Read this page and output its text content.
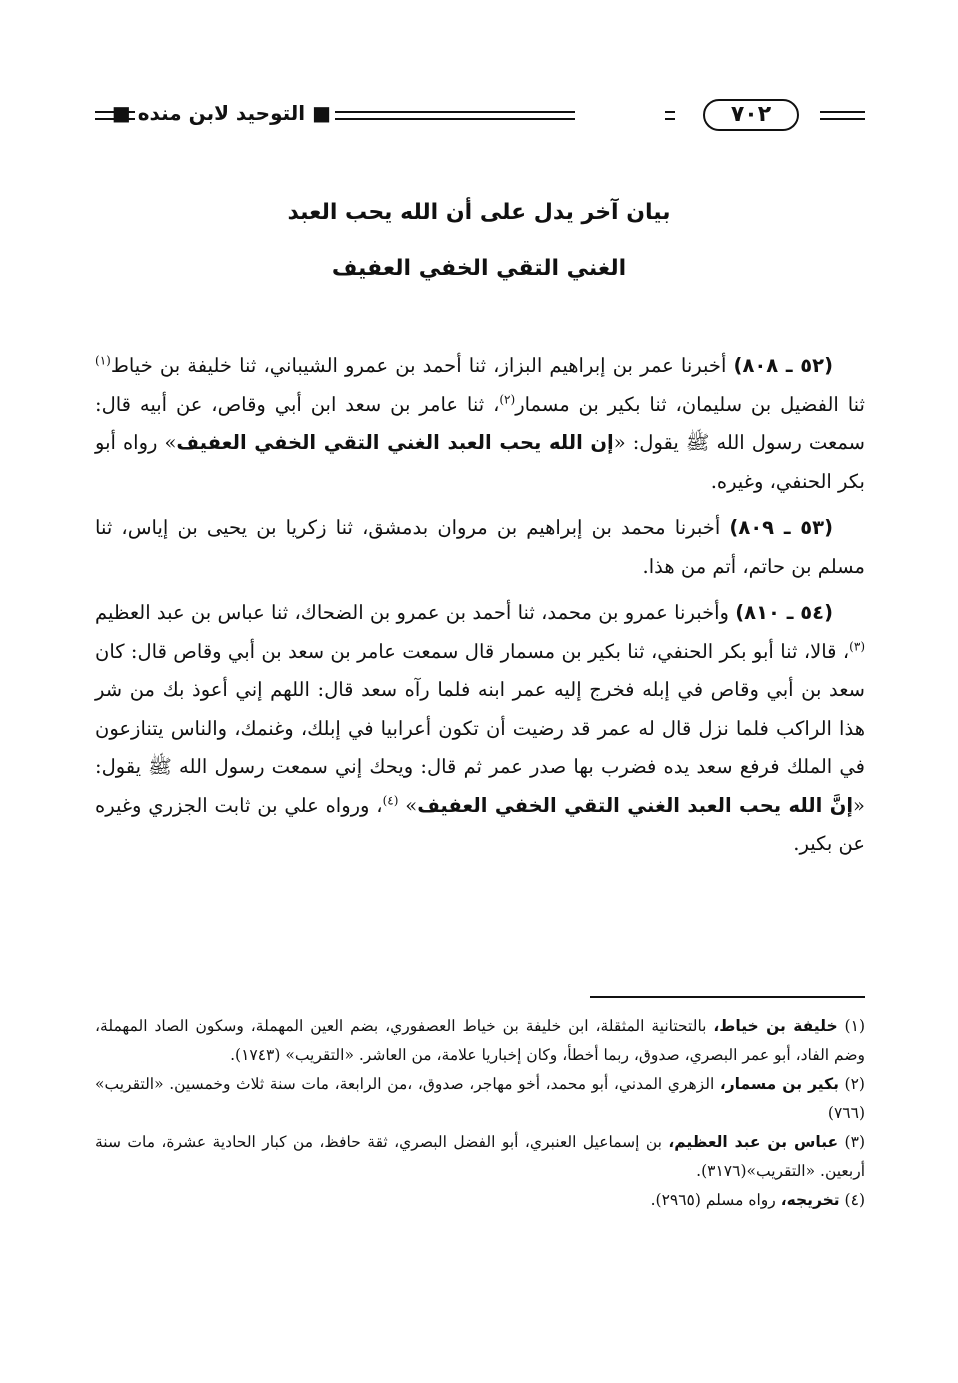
■ التوحيد لابن منده ■	٧٠٢
بيان آخر يدل على أن الله يحب العبد
الغني التقي الخفي العفيف

(٥٢ ـ ٨٠٨) أخبرنا عمر بن إبراهيم البزاز، ثنا أحمد بن عمرو الشيباني، ثنا خليفة بن خياط$^{(١)}$ ثنا الفضيل بن سليمان، ثنا بكير بن مسمار$^{(٢)}$، ثنا عامر بن سعد ابن أبي وقاص، عن أبيه قال: سمعت رسول الله ﷺ يقول: «إن الله يحب العبد الغني التقي الخفي العفيف» رواه أبو بكر الحنفي، وغيره.

(٥٣ ـ ٨٠٩) أخبرنا محمد بن إبراهيم بن مروان بدمشق، ثنا زكريا بن يحيى بن إياس، ثنا مسلم بن حاتم، أتم من هذا.

(٥٤ ـ ٨١٠) وأخبرنا عمرو بن محمد، ثنا أحمد بن عمرو بن الضحاك، ثنا عباس بن عبد العظيم $^{(٣)}$، قالا، ثنا أبو بكر الحنفي، ثنا بكير بن مسمار قال سمعت عامر بن سعد بن أبي وقاص قال: كان سعد بن أبي وقاص في إبله فخرج إليه عمر ابنه فلما رآه سعد قال: اللهم إني أعوذ بك من شر هذا الراكب فلما نزل قال له عمر قد رضيت أن تكون أعرابيا في إبلك، وغنمك، والناس يتنازعون في الملك فرفع سعد يده فضرب بها صدر عمر ثم قال: ويحك إني سمعت رسول الله ﷺ يقول: «إنَّ الله يحب العبد الغني التقي الخفي العفيف» $^{(٤)}$، ورواه علي بن ثابت الجزري وغيره عن بكير.

(١) خليفة بن خياط، بالتحتانية المثقلة، ابن خليفة بن خياط العصفوري، بضم العين المهملة، وسكون الصاد المهملة، وضم الفاد، أبو عمر البصري، صدوق، ربما أخطأ، وكان إخباريا علامة، من العاشر. «التقريب» (١٧٤٣).

(٢) بكير بن مسمار، الزهري المدني، أبو محمد، أخو مهاجر، صدوق، ،من الرابعة، مات سنة ثلاث وخمسين. «التقريب» (٧٦٦)

(٣) عباس بن عبد العظيم، بن إسماعيل العنبري، أبو الفضل البصري، ثقة حافظ، من كبار الحادية عشرة، مات سنة أربعين. «التقريب»(٣١٧٦).

(٤) تخريجه، رواه مسلم (٢٩٦٥).
